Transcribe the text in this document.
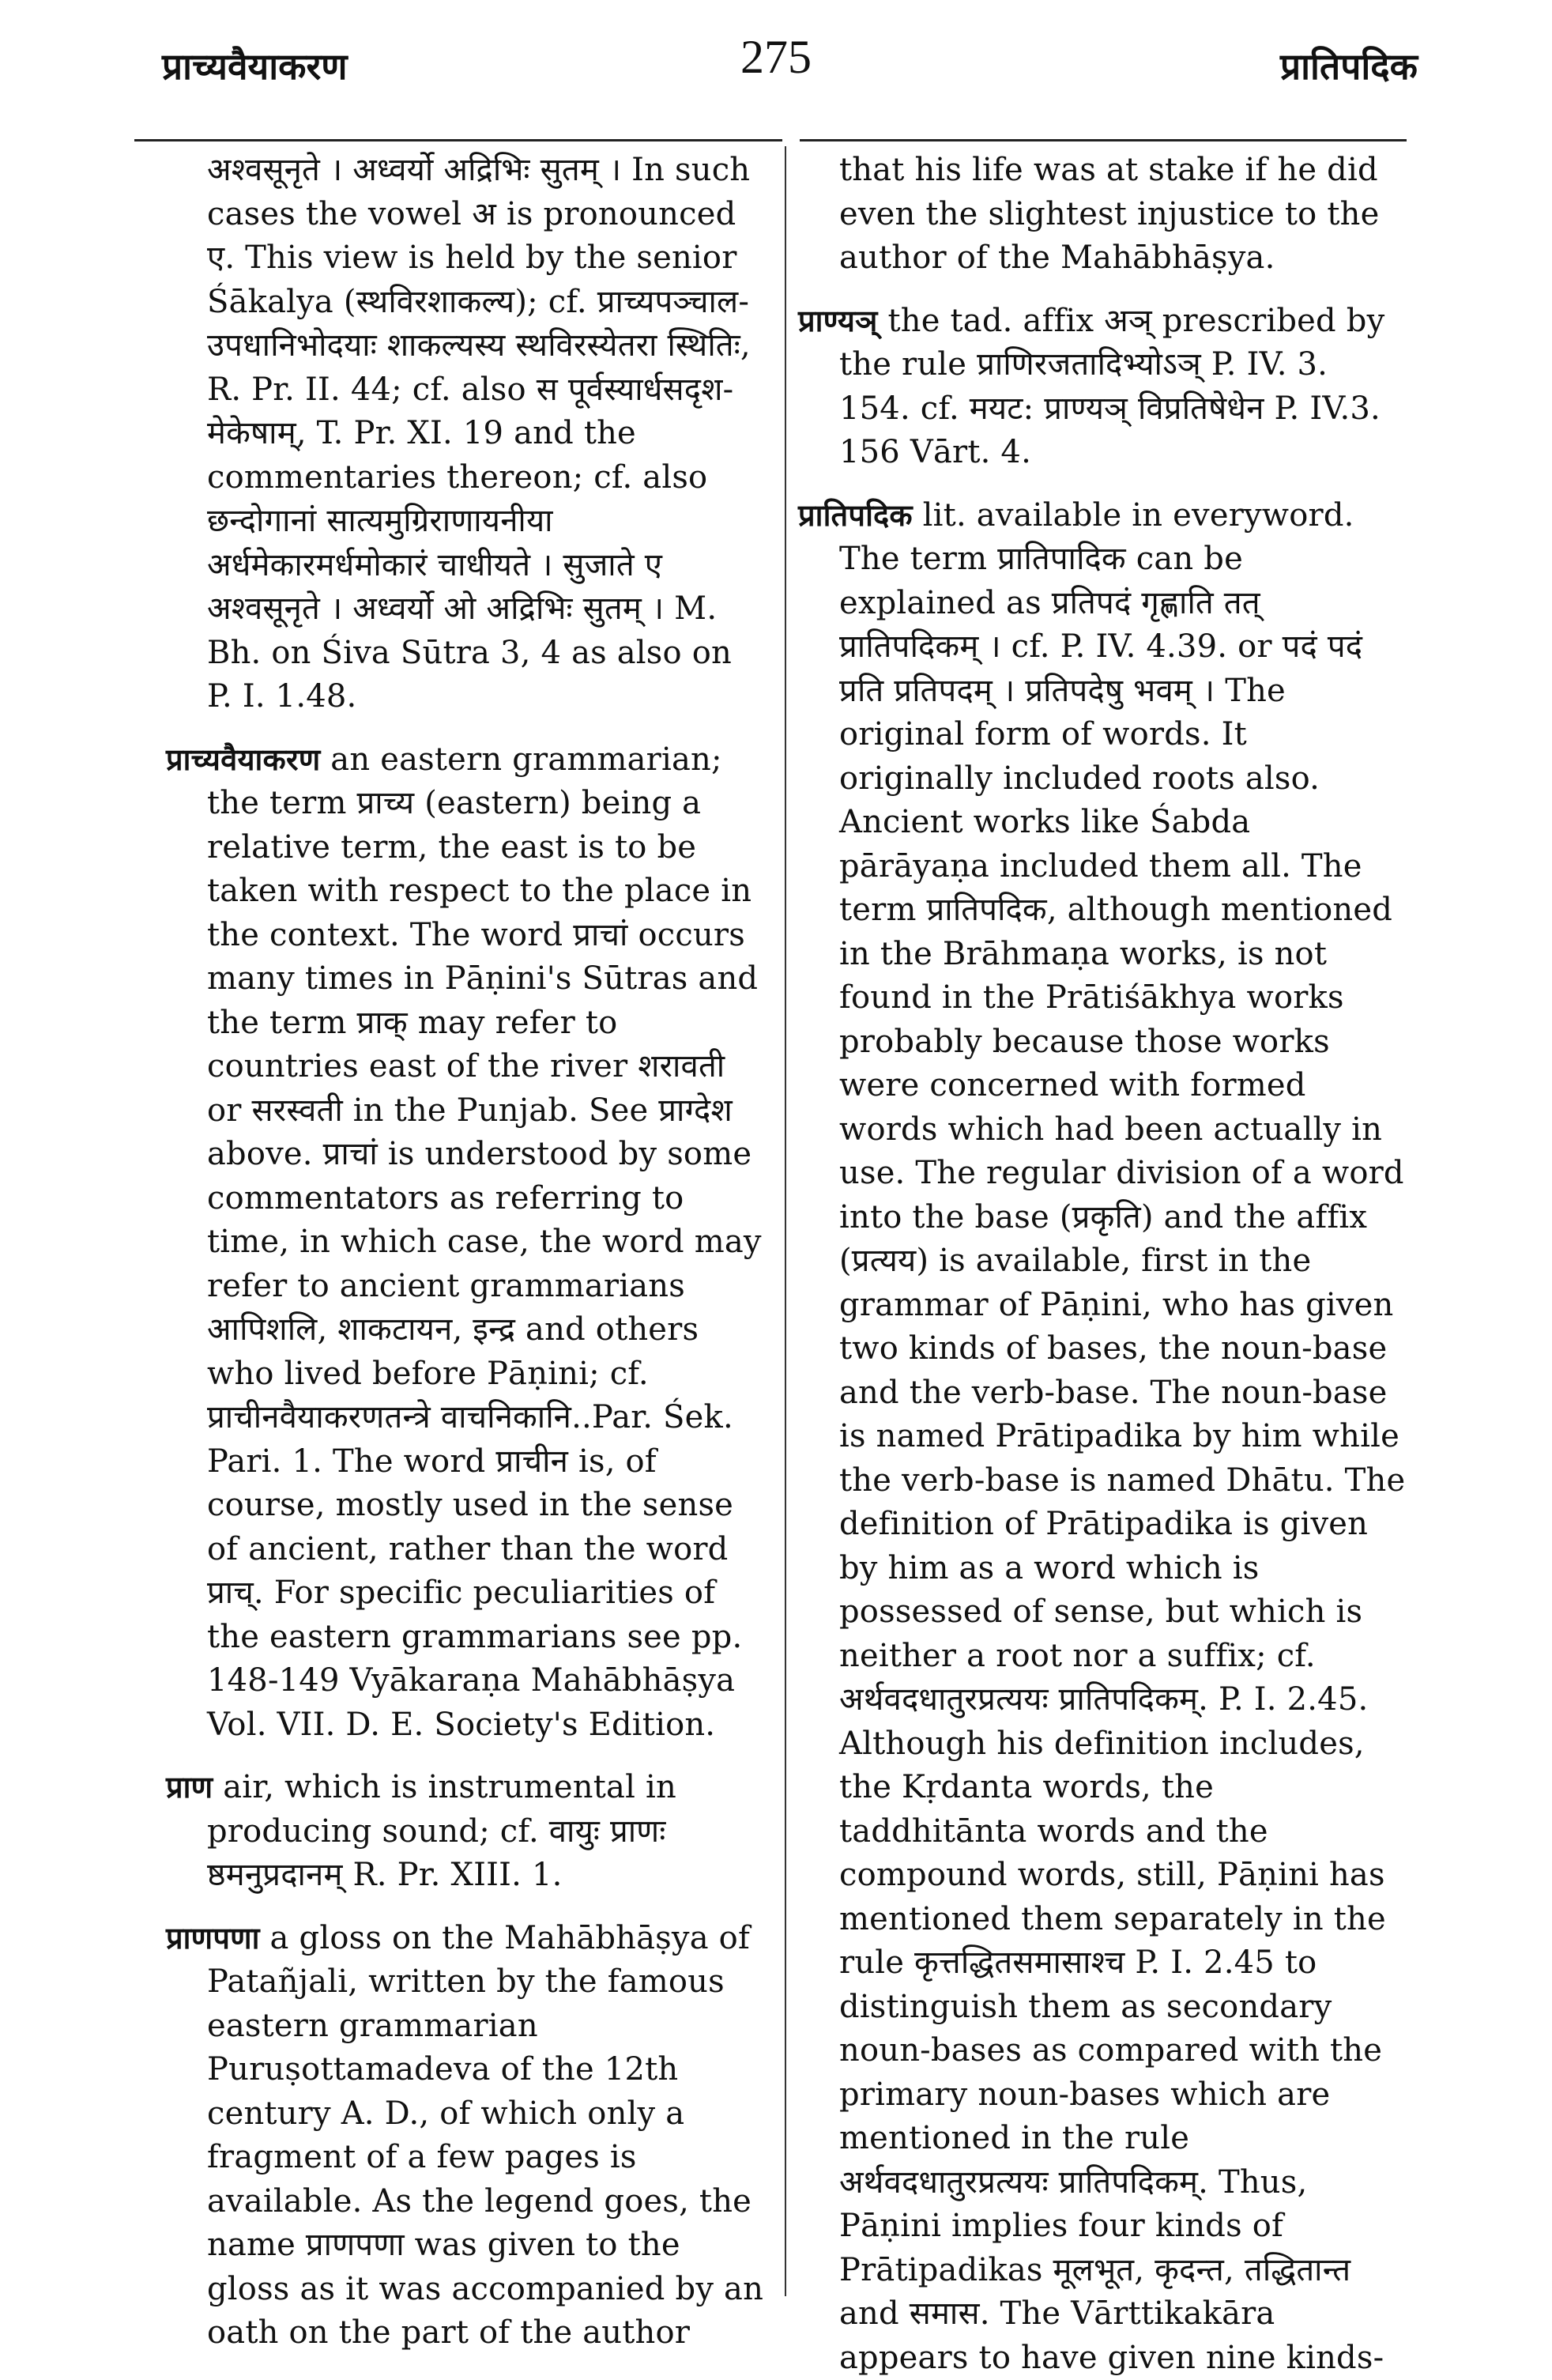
प्राच्यवैयाकरण	275	प्रातिपदिक

अश्वसूनृते । अध्वर्यो अद्रिभिः सुतम् । In such cases the vowel अ is pronounced ए. This view is held by the senior Śākalya (स्थविरशाकल्य); cf. प्राच्यपञ्चाल-उपधानिभोदयाः शाकल्यस्य स्थविरस्येतरा स्थितिः, R. Pr. II. 44; cf. also स पूर्वस्यार्धसदृश-मेकेषाम्, T. Pr. XI. 19 and the commentaries thereon; cf. also छन्दोगानां सात्यमुग्रिराणायनीया अर्धमेकारमर्धमोकारं चाधीयते । सुजाते ए अश्वसूनृते । अध्वर्यो ओ अद्रिभिः सुतम् । M. Bh. on Śiva Sūtra 3, 4 as also on P. I. 1.48.

प्राच्यवैयाकरण an eastern grammarian; the term प्राच्य (eastern) being a relative term, the east is to be taken with respect to the place in the context. The word प्राचां occurs many times in Pāṇini's Sūtras and the term प्राक् may refer to countries east of the river शरावती or सरस्वती in the Punjab. See प्राग्देश above. प्राचां is understood by some commentators as referring to time, in which case, the word may refer to ancient grammarians आपिशलि, शाकटायन, इन्द्र and others who lived before Pāṇini; cf. प्राचीनवैयाकरणतन्त्रे वाचनिकानि..Par. Śek. Pari. 1. The word प्राचीन is, of course, mostly used in the sense of ancient, rather than the word प्राच्. For specific peculiarities of the eastern grammarians see pp. 148-149 Vyākaraṇa Mahābhāṣya Vol. VII. D. E. Society's Edition.

प्राण air, which is instrumental in producing sound; cf. वायुः प्राणः ष्ठमनुप्रदानम् R. Pr. XIII. 1.

प्राणपणा a gloss on the Mahābhāṣya of Patañjali, written by the famous eastern grammarian Puruṣottamadeva of the 12th century A. D., of which only a fragment of a few pages is available. As the legend goes, the name प्राणपणा was given to the gloss as it was accompanied by an oath on the part of the author

that his life was at stake if he did even the slightest injustice to the author of the Mahābhāṣya.

प्राण्यञ् the tad. affix अञ् prescribed by the rule प्राणिरजतादिभ्योऽञ् P. IV. 3. 154. cf. मयट: प्राण्यञ् विप्रतिषेधेन P. IV.3. 156 Vārt. 4.

प्रातिपदिक lit. available in everyword. The term प्रातिपादिक can be explained as प्रतिपदं गृह्णाति तत् प्रातिपदिकम् । cf. P. IV. 4.39. or पदं पदं प्रति प्रतिपदम् । प्रतिपदेषु भवम् । The original form of words. It originally included roots also. Ancient works like Śabda pārāyaṇa included them all. The term प्रातिपदिक, although mentioned in the Brāhmaṇa works, is not found in the Prātiśākhya works probably because those works were concerned with formed words which had been actually in use. The regular division of a word into the base (प्रकृति) and the affix (प्रत्यय) is available, first in the grammar of Pāṇini, who has given two kinds of bases, the noun-base and the verb-base. The noun-base is named Prātipadika by him while the verb-base is named Dhātu. The definition of Prātipadika is given by him as a word which is possessed of sense, but which is neither a root nor a suffix; cf. अर्थवदधातुरप्रत्ययः प्रातिपदिकम्. P. I. 2.45. Although his definition includes, the Kṛdanta words, the taddhitānta words and the compound words, still, Pāṇini has mentioned them separately in the rule कृत्तद्धितसमासाश्च P. I. 2.45 to distinguish them as secondary noun-bases as compared with the primary noun-bases which are mentioned in the rule अर्थवदधातुरप्रत्ययः प्रातिपदिकम्. Thus, Pāṇini implies four kinds of Prātipadikas मूलभूत, कृदन्त, तद्धितान्त and समास. The Vārttikakāra appears to have given nine kinds-
